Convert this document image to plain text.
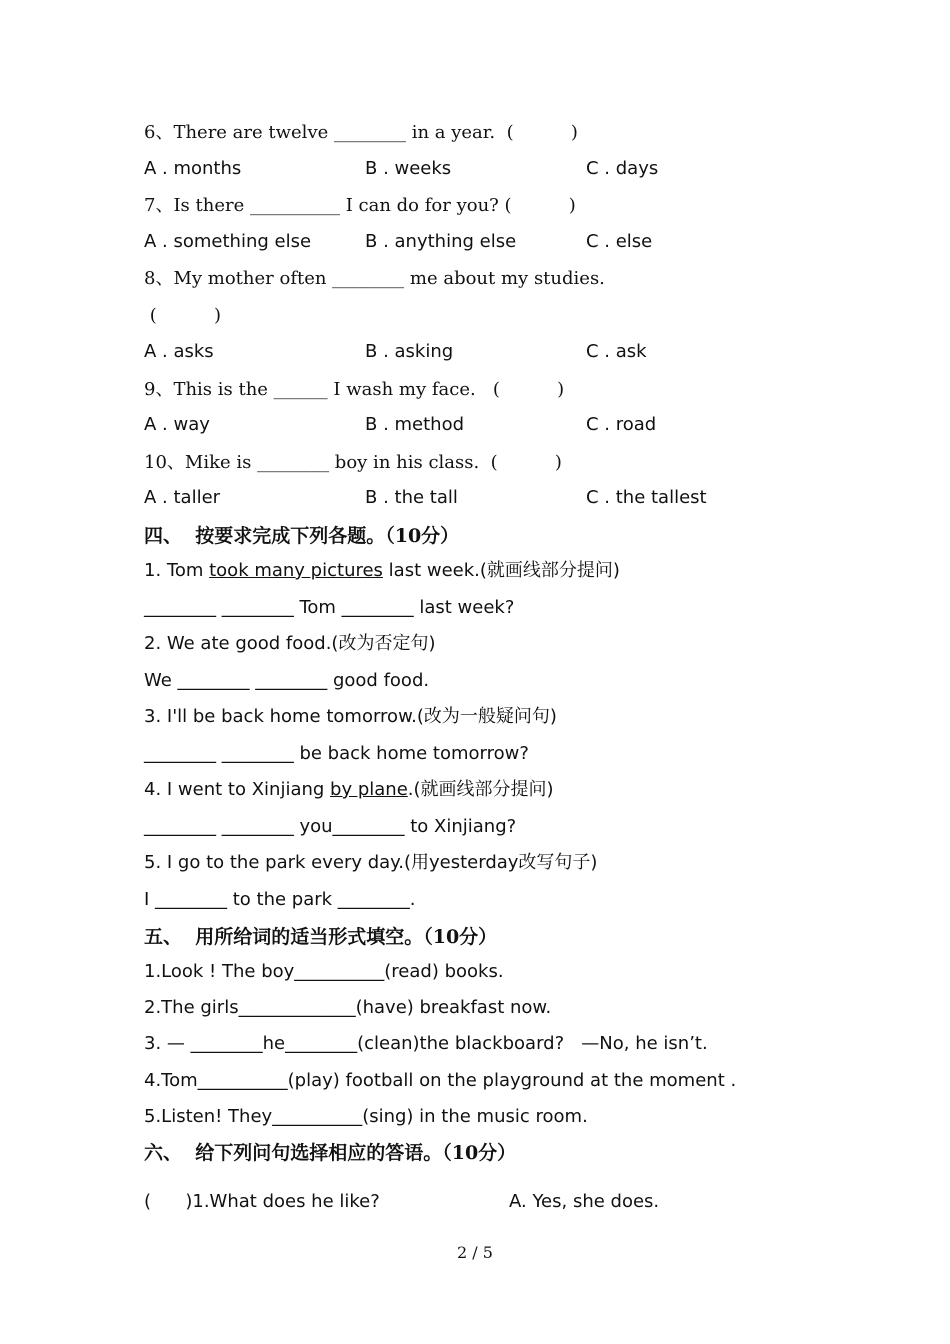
6、There are twelve ________ in a year.  (          )
A . months	B . weeks	C . days
7、Is there __________ I can do for you? (          )
A . something else	B . anything else	C . else
8、My mother often ________ me about my studies.
(          )
A . asks	B . asking	C . ask
9、This is the ______ I wash my face.   (          )
A . way	B . method	C . road
10、Mike is ________ boy in his class.  (          )
A . taller	B . the tall	C . the tallest
四、  按要求完成下列各题。（10分）
1. Tom took many pictures last week.(就画线部分提问)
________ ________ Tom ________ last week?
2. We ate good food.(改为否定句)
We ________ ________ good food.
3. I'll be back home tomorrow.(改为一般疑问句)
________ ________ be back home tomorrow?
4. I went to Xinjiang by plane.(就画线部分提问)
________ ________ you________ to Xinjiang?
5. I go to the park every day.(用yesterday改写句子)
I ________ to the park ________.
五、  用所给词的适当形式填空。（10分）
1.Look ! The boy__________(read) books.
2.The girls_____________(have) breakfast now.
3. — ________he________(clean)the blackboard?   —No, he isn’t.
4.Tom__________(play) football on the playground at the moment .
5.Listen! They__________(sing) in the music room.
六、  给下列问句选择相应的答语。（10分）
(      )1.What does he like?	A. Yes, she does.
2 / 5
